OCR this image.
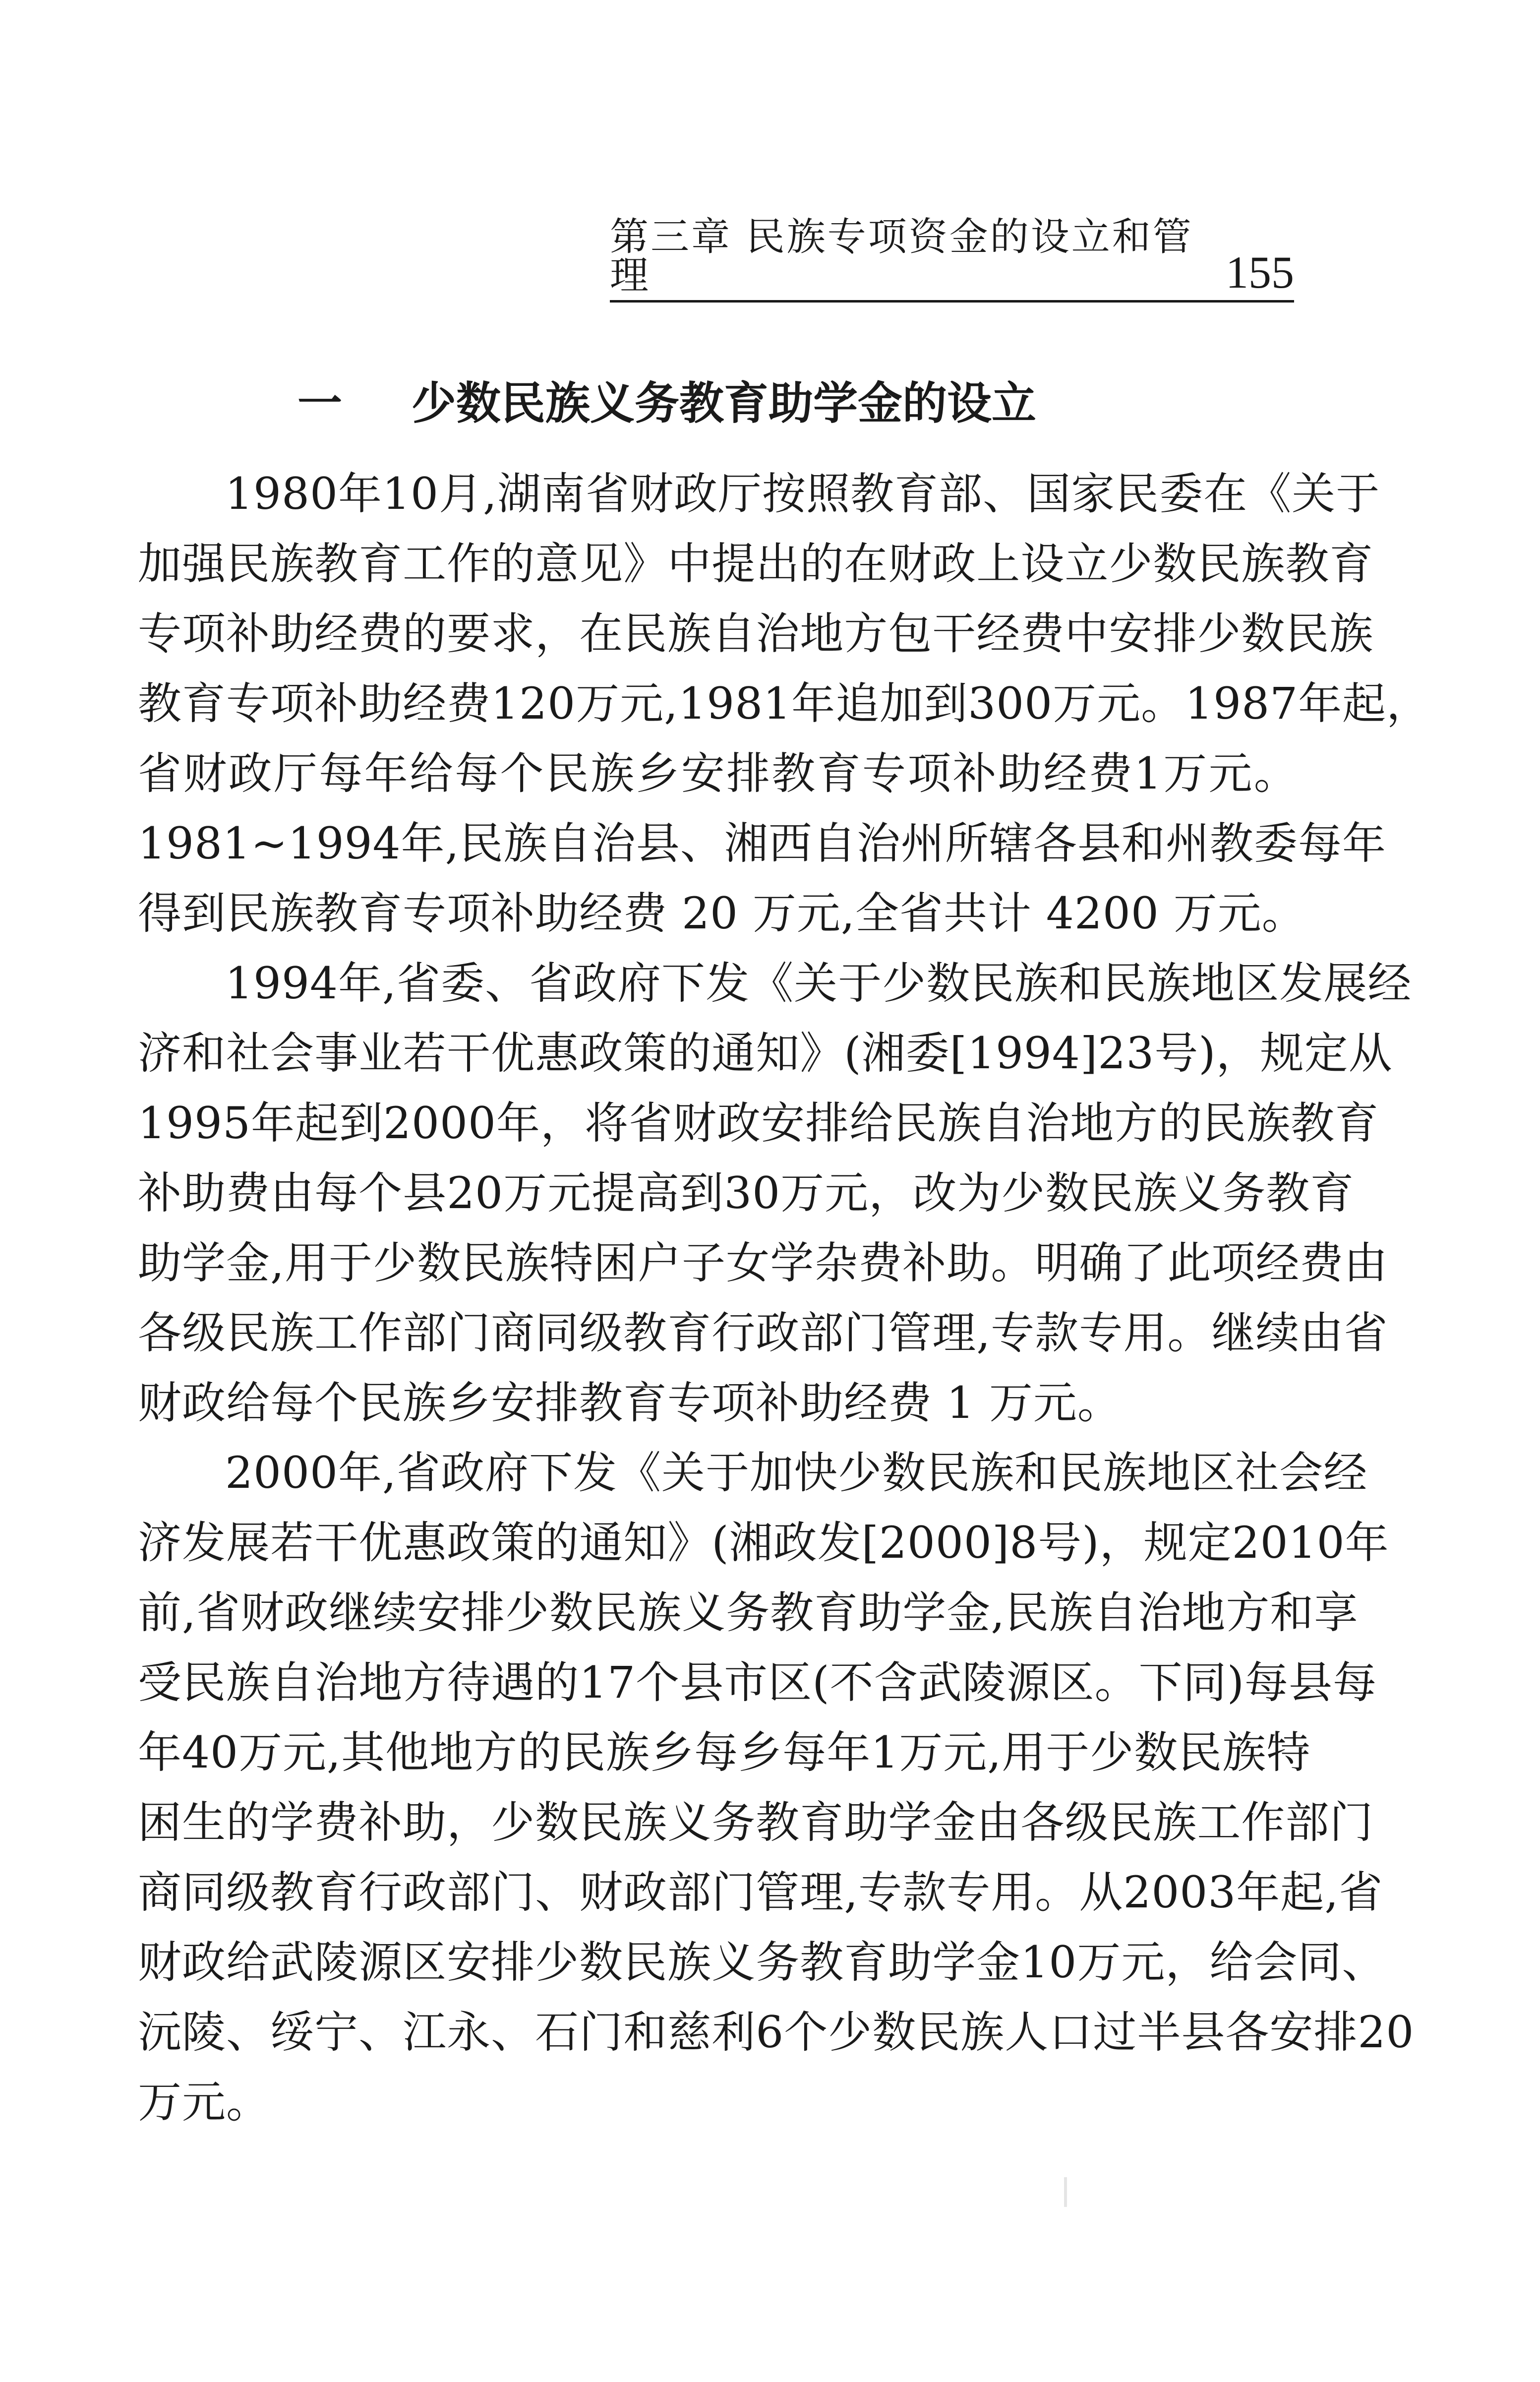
第三章 民族专项资金的设立和管理	155
一 少数民族义务教育助学金的设立
1980 年 10 月 , 湖 南 省 财 政 厅 按 照 教 育 部 、 国 家 民 委 在 《 关 于
加 强 民 族 教 育 工 作 的 意 见 》 中 提 出 的 在 财 政 上 设 立 少 数 民 族 教 育
专 项 补 助 经 费 的 要 求 ， 在 民 族 自 治 地 方 包 干 经 费 中 安 排 少 数 民 族
教 育 专 项 补 助 经 费 120 万 元 , 1981 年 追 加 到 300 万 元 。 1987 年 起 ，
省 财 政 厅 每 年 给 每 个 民 族 乡 安 排 教 育 专 项 补 助 经 费 1 万 元 。
1981 ~ 1994 年 , 民 族 自 治 县 、 湘 西 自 治 州 所 辖 各 县 和 州 教 委 每 年
得到民族教育专项补助经费 20 万元,全省共计 4200 万元。
1994 年 , 省 委 、 省 政 府 下 发 《 关 于 少 数 民 族 和 民 族 地 区 发 展 经
济 和 社 会 事 业 若 干 优 惠 政 策 的 通 知 》 ( 湘 委 [1994]23 号 ) ， 规 定 从
1995 年 起 到 2000 年 ， 将 省 财 政 安 排 给 民 族 自 治 地 方 的 民 族 教 育
补 助 费 由 每 个 县 20 万 元 提 高 到 30 万 元 ， 改 为 少 数 民 族 义 务 教 育
助 学 金 , 用 于 少 数 民 族 特 困 户 子 女 学 杂 费 补 助 。 明 确 了 此 项 经 费 由
各 级 民 族 工 作 部 门 商 同 级 教 育 行 政 部 门 管 理 , 专 款 专 用 。 继 续 由 省
财政给每个民族乡安排教育专项补助经费 1 万元。
2000 年 , 省 政 府 下 发 《 关 于 加 快 少 数 民 族 和 民 族 地 区 社 会 经
济 发 展 若 干 优 惠 政 策 的 通 知 》 ( 湘 政 发 [2000]8 号 ) ， 规 定 2010 年
前 , 省 财 政 继 续 安 排 少 数 民 族 义 务 教 育 助 学 金 , 民 族 自 治 地 方 和 享
受 民 族 自 治 地 方 待 遇 的 17 个 县 市 区 ( 不 含 武 陵 源 区 。 下 同 ) 每 县 每
年 40 万 元 , 其 他 地 方 的 民 族 乡 每 乡 每 年 1 万 元 , 用 于 少 数 民 族 特
困 生 的 学 费 补 助 ， 少 数 民 族 义 务 教 育 助 学 金 由 各 级 民 族 工 作 部 门
商 同 级 教 育 行 政 部 门 、 财 政 部 门 管 理 , 专 款 专 用 。 从 2003 年 起 , 省
财 政 给 武 陵 源 区 安 排 少 数 民 族 义 务 教 育 助 学 金 10 万 元 ， 给 会 同 、
沅 陵 、 绥 宁 、 江 永 、 石 门 和 慈 利 6 个 少 数 民 族 人 口 过 半 县 各 安 排 20
万元。
